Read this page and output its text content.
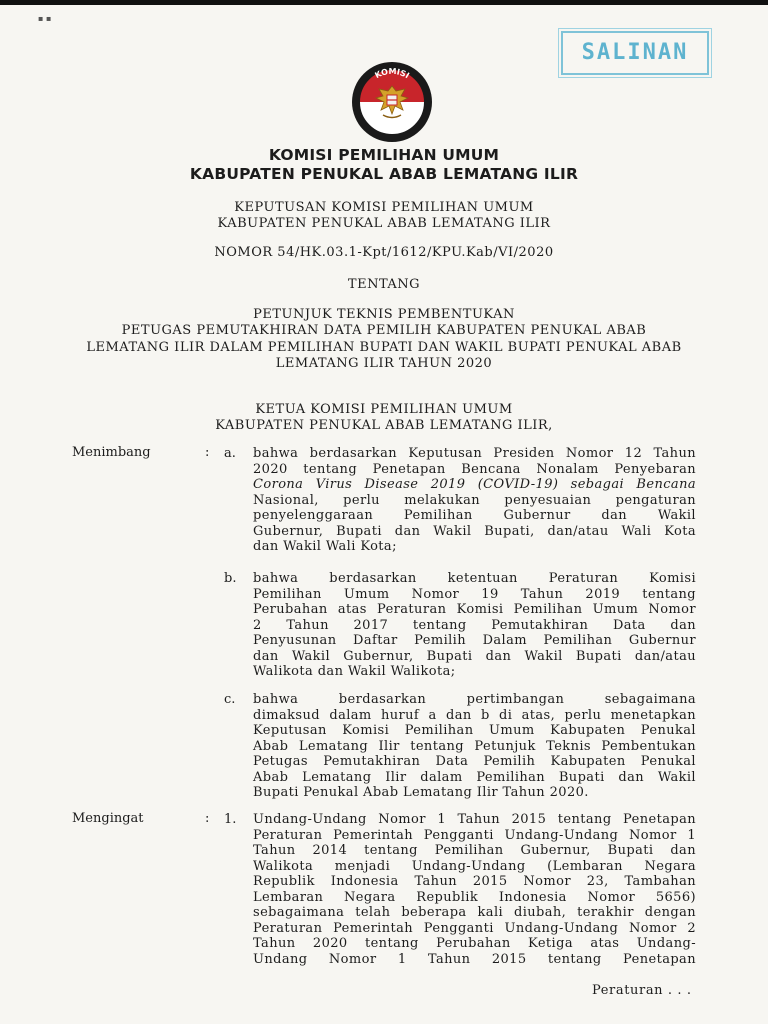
▪ ▪
SALINAN
KOMISI
PEMILIHAN UMUM
KOMISI PEMILIHAN UMUM
KABUPATEN PENUKAL ABAB LEMATANG ILIR
KEPUTUSAN KOMISI PEMILIHAN UMUM
KABUPATEN PENUKAL ABAB LEMATANG ILIR
NOMOR 54/HK.03.1-Kpt/1612/KPU.Kab/VI/2020
TENTANG
PETUNJUK TEKNIS PEMBENTUKAN
PETUGAS PEMUTAKHIRAN DATA PEMILIH KABUPATEN PENUKAL ABAB
LEMATANG ILIR DALAM PEMILIHAN BUPATI DAN WAKIL BUPATI PENUKAL ABAB
LEMATANG ILIR TAHUN 2020
KETUA KOMISI PEMILIHAN UMUM
KABUPATEN PENUKAL ABAB LEMATANG ILIR,
Menimbang	: a. bahwa berdasarkan Keputusan Presiden Nomor 12 Tahun
2020 tentang Penetapan Bencana Nonalam Penyebaran
Corona Virus Disease 2019 (COVID-19) sebagai Bencana
Nasional, perlu melakukan penyesuaian pengaturan
penyelenggaraan Pemilihan Gubernur dan Wakil
Gubernur, Bupati dan Wakil Bupati, dan/atau Wali Kota
dan Wakil Wali Kota;
b. bahwa berdasarkan ketentuan Peraturan Komisi
Pemilihan Umum Nomor 19 Tahun 2019 tentang
Perubahan atas Peraturan Komisi Pemilihan Umum Nomor
2 Tahun 2017 tentang Pemutakhiran Data dan
Penyusunan Daftar Pemilih Dalam Pemilihan Gubernur
dan Wakil Gubernur, Bupati dan Wakil Bupati dan/atau
Walikota dan Wakil Walikota;
c. bahwa berdasarkan pertimbangan sebagaimana
dimaksud dalam huruf a dan b di atas, perlu menetapkan
Keputusan Komisi Pemilihan Umum Kabupaten Penukal
Abab Lematang Ilir tentang Petunjuk Teknis Pembentukan
Petugas Pemutakhiran Data Pemilih Kabupaten Penukal
Abab Lematang Ilir dalam Pemilihan Bupati dan Wakil
Bupati Penukal Abab Lematang Ilir Tahun 2020.
Mengingat	: 1. Undang-Undang Nomor 1 Tahun 2015 tentang Penetapan
Peraturan Pemerintah Pengganti Undang-Undang Nomor 1
Tahun 2014 tentang Pemilihan Gubernur, Bupati dan
Walikota menjadi Undang-Undang (Lembaran Negara
Republik Indonesia Tahun 2015 Nomor 23, Tambahan
Lembaran Negara Republik Indonesia Nomor 5656)
sebagaimana telah beberapa kali diubah, terakhir dengan
Peraturan Pemerintah Pengganti Undang-Undang Nomor 2
Tahun 2020 tentang Perubahan Ketiga atas Undang-
Undang Nomor 1 Tahun 2015 tentang Penetapan
Peraturan . . .
